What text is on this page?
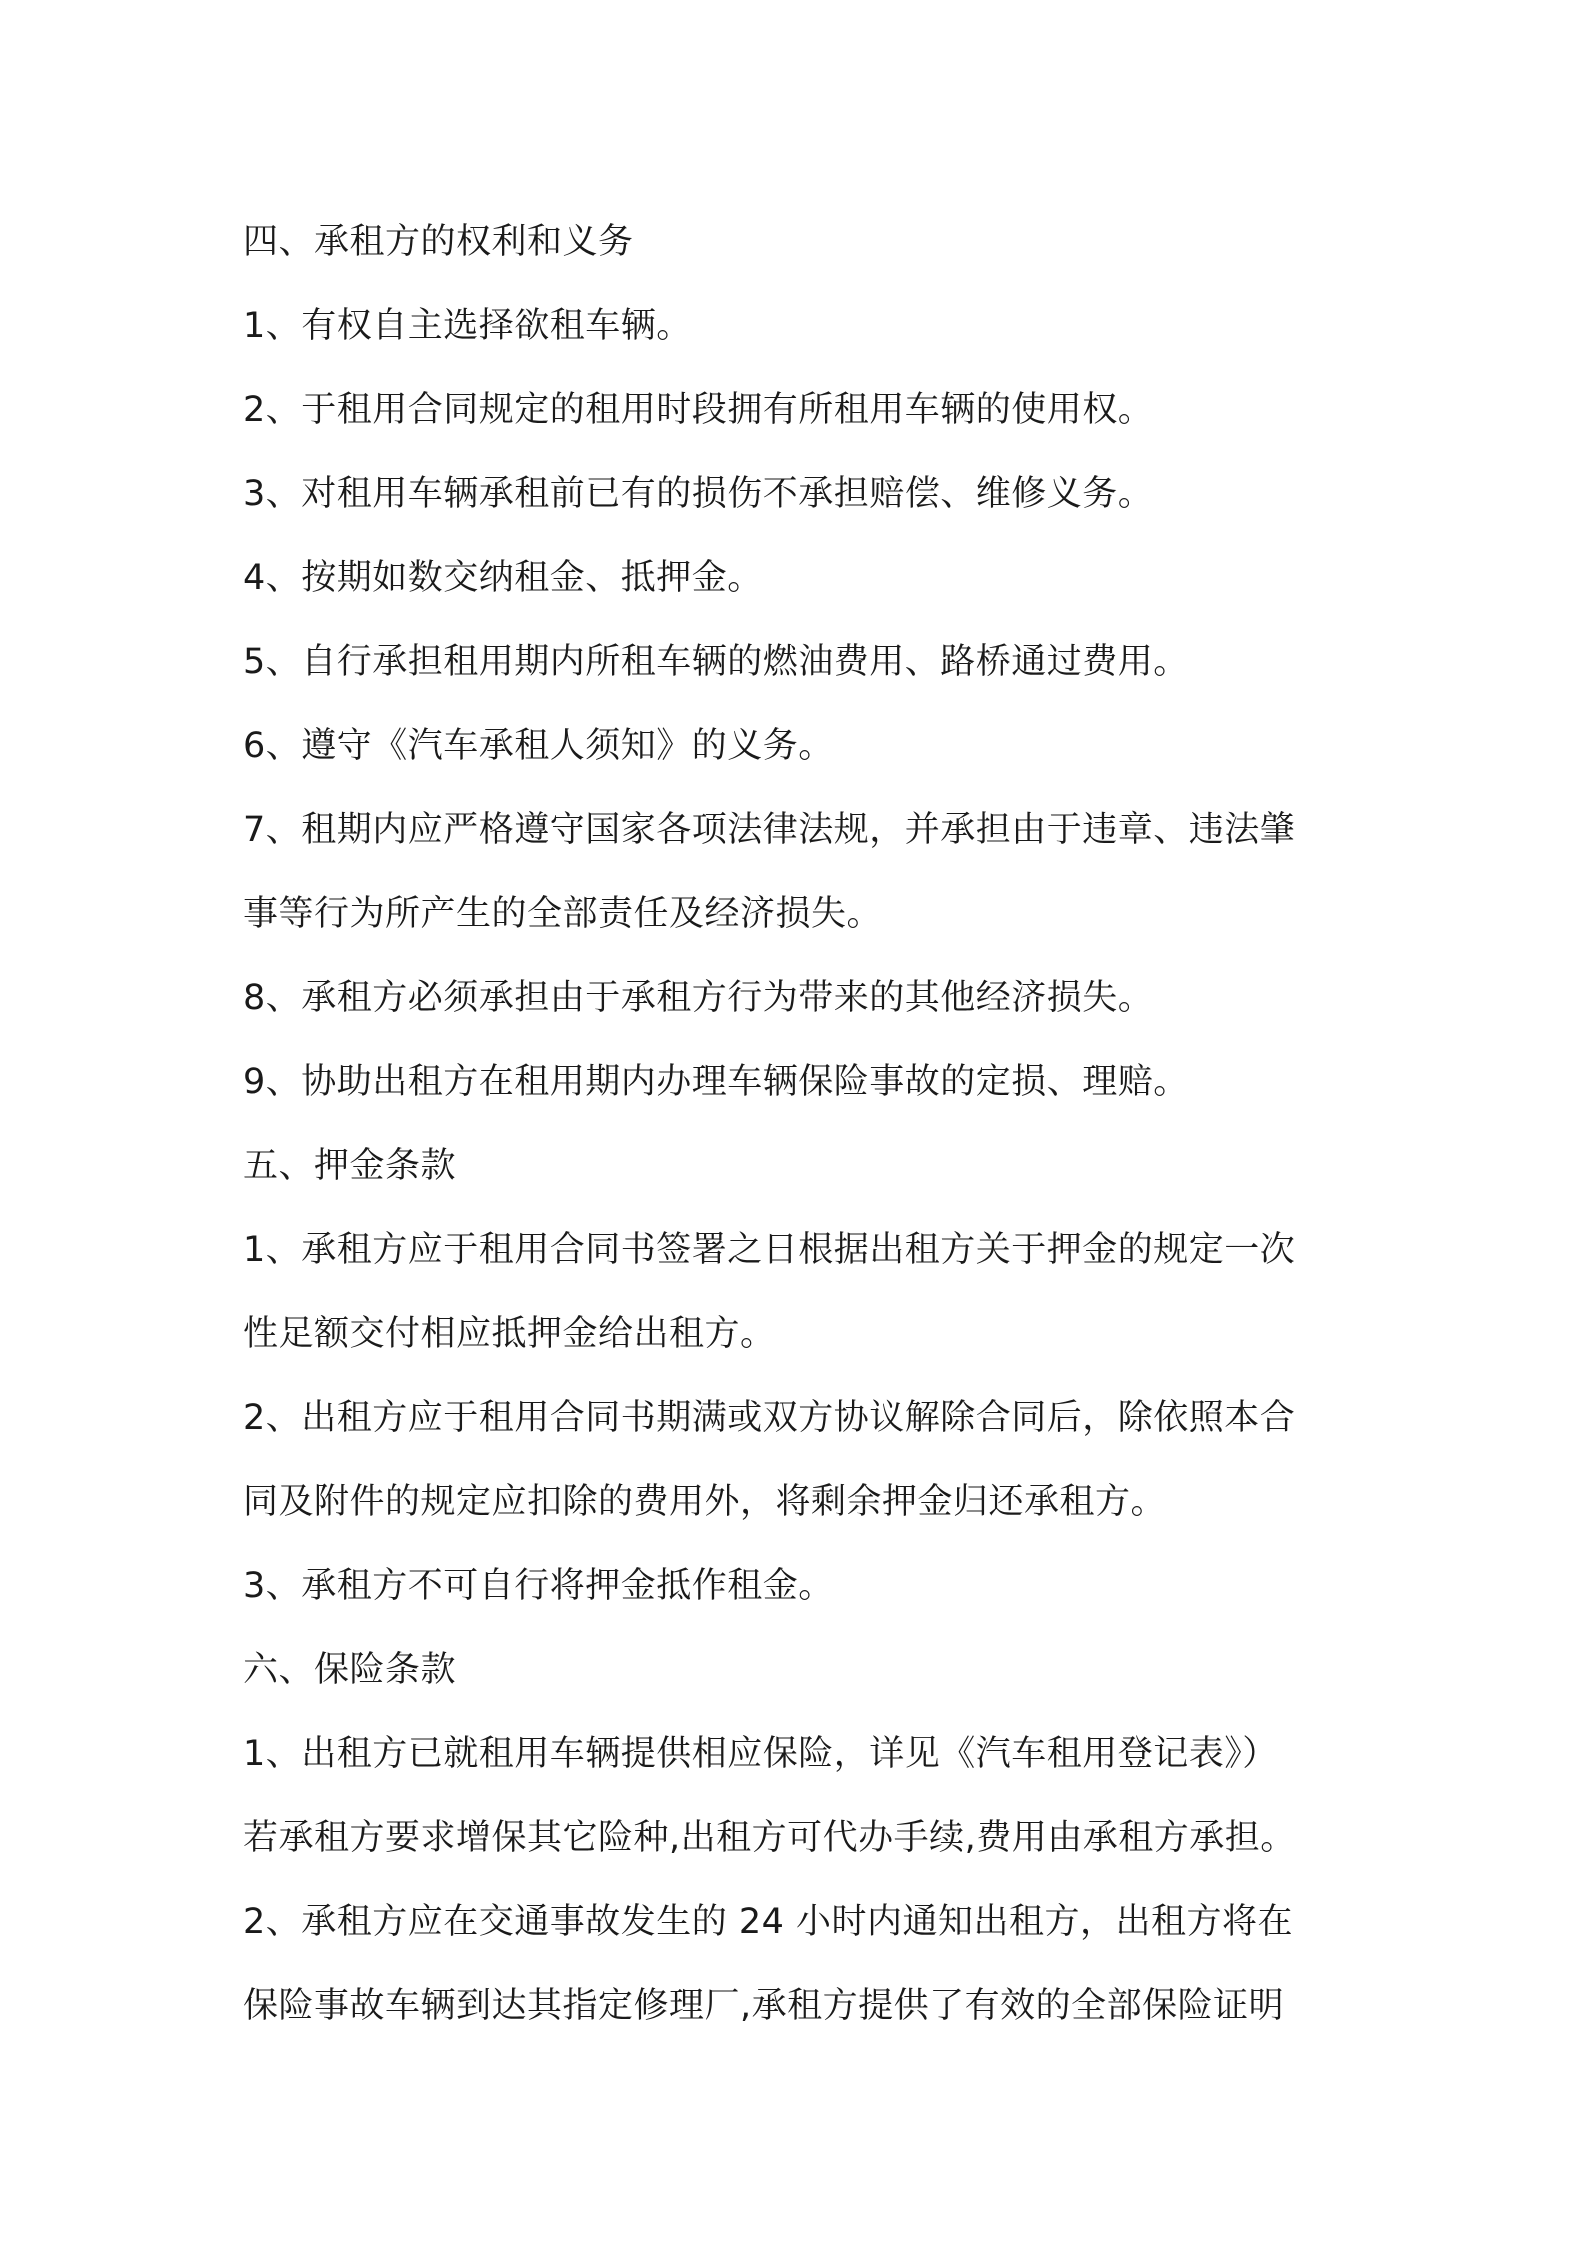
四、承租方的权利和义务
1、有权自主选择欲租车辆。
2、于租用合同规定的租用时段拥有所租用车辆的使用权。
3、对租用车辆承租前已有的损伤不承担赔偿、维修义务。
4、按期如数交纳租金、抵押金。
5、自行承担租用期内所租车辆的燃油费用、路桥通过费用。
6、遵守《汽车承租人须知》的义务。
7、租期内应严格遵守国家各项法律法规，并承担由于违章、违法肇
事等行为所产生的全部责任及经济损失。
8、承租方必须承担由于承租方行为带来的其他经济损失。
9、协助出租方在租用期内办理车辆保险事故的定损、理赔。
五、押金条款
1、承租方应于租用合同书签署之日根据出租方关于押金的规定一次
性足额交付相应抵押金给出租方。
2、出租方应于租用合同书期满或双方协议解除合同后，除依照本合
同及附件的规定应扣除的费用外，将剩余押金归还承租方。
3、承租方不可自行将押金抵作租金。
六、保险条款
1、出租方已就租用车辆提供相应保险，详见《汽车租用登记表》）
若承租方要求增保其它险种,出租方可代办手续,费用由承租方承担。
2、承租方应在交通事故发生的 24 小时内通知出租方，出租方将在
保险事故车辆到达其指定修理厂,承租方提供了有效的全部保险证明
